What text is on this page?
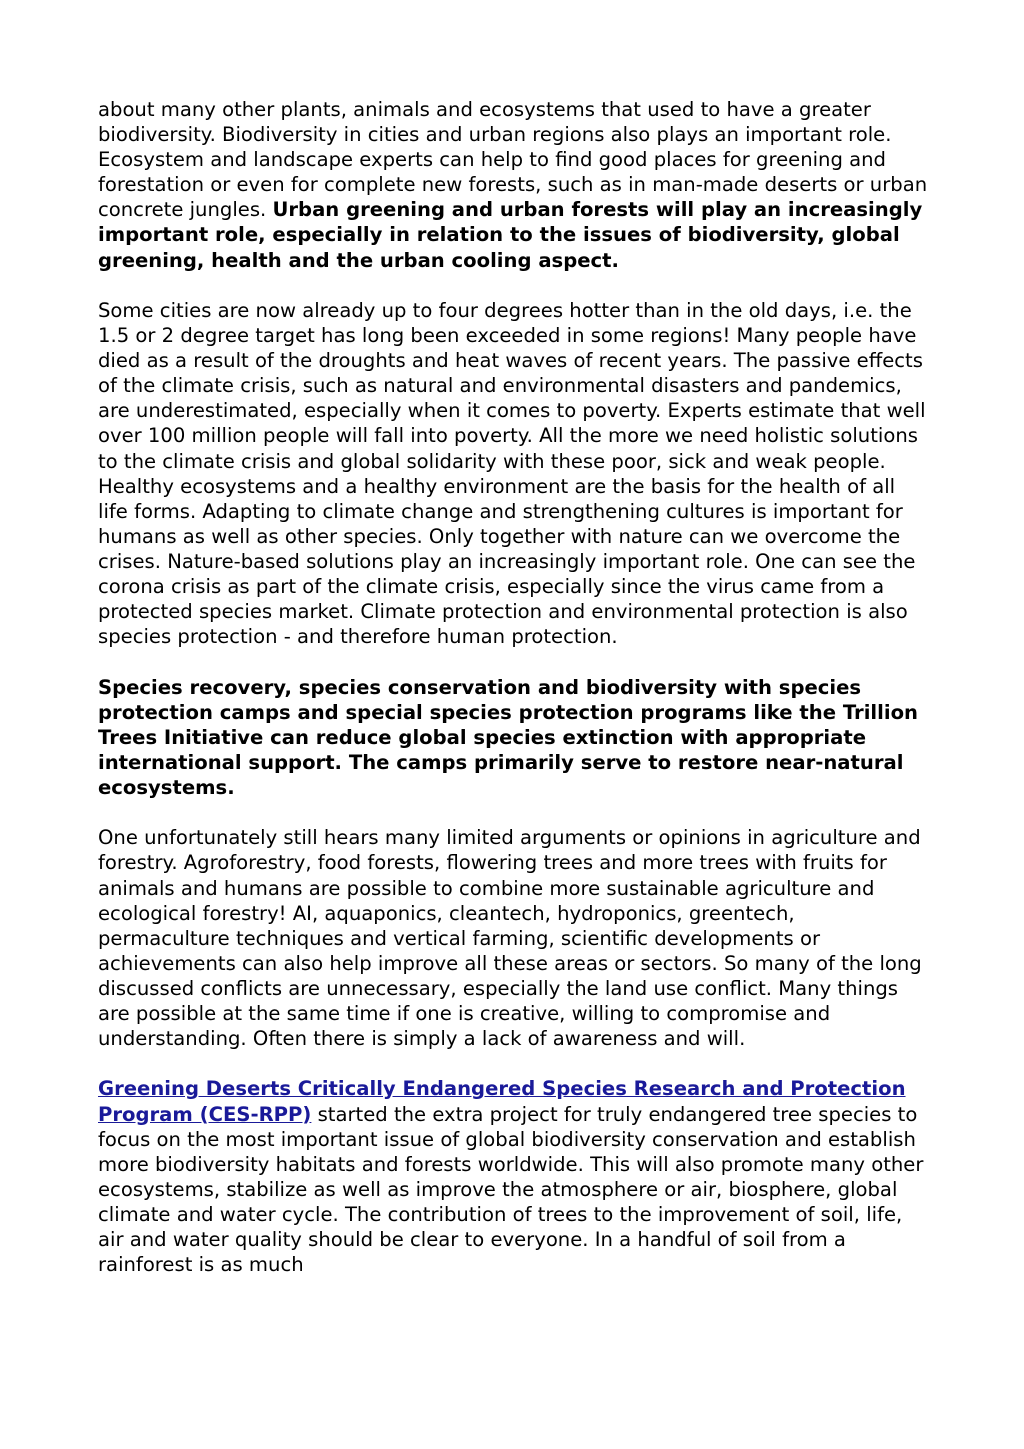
about many other plants, animals and ecosystems that used to have a greater biodiversity. Biodiversity in cities and urban regions also plays an important role. Ecosystem and landscape experts can help to find good places for greening and forestation or even for complete new forests, such as in man-made deserts or urban concrete jungles. Urban greening and urban forests will play an increasingly important role, especially in relation to the issues of biodiversity, global greening, health and the urban cooling aspect.

Some cities are now already up to four degrees hotter than in the old days, i.e. the 1.5 or 2 degree target has long been exceeded in some regions! Many people have died as a result of the droughts and heat waves of recent years. The passive effects of the climate crisis, such as natural and environmental disasters and pandemics, are underestimated, especially when it comes to poverty. Experts estimate that well over 100 million people will fall into poverty. All the more we need holistic solutions to the climate crisis and global solidarity with these poor, sick and weak people. Healthy ecosystems and a healthy environment are the basis for the health of all life forms. Adapting to climate change and strengthening cultures is important for humans as well as other species. Only together with nature can we overcome the crises. Nature-based solutions play an increasingly important role. One can see the corona crisis as part of the climate crisis, especially since the virus came from a protected species market. Climate protection and environmental protection is also species protection - and therefore human protection.

Species recovery, species conservation and biodiversity with species protection camps and special species protection programs like the Trillion Trees Initiative can reduce global species extinction with appropriate international support. The camps primarily serve to restore near-natural ecosystems.

One unfortunately still hears many limited arguments or opinions in agriculture and forestry. Agroforestry, food forests, flowering trees and more trees with fruits for animals and humans are possible to combine more sustainable agriculture and ecological forestry! AI, aquaponics, cleantech, hydroponics, greentech, permaculture techniques and vertical farming, scientific developments or achievements can also help improve all these areas or sectors. So many of the long discussed conflicts are unnecessary, especially the land use conflict. Many things are possible at the same time if one is creative, willing to compromise and understanding. Often there is simply a lack of awareness and will.

Greening Deserts Critically Endangered Species Research and Protection Program (CES-RPP) started the extra project for truly endangered tree species to focus on the most important issue of global biodiversity conservation and establish more biodiversity habitats and forests worldwide. This will also promote many other ecosystems, stabilize as well as improve the atmosphere or air, biosphere, global climate and water cycle. The contribution of trees to the improvement of soil, life, air and water quality should be clear to everyone. In a handful of soil from a rainforest is as much
